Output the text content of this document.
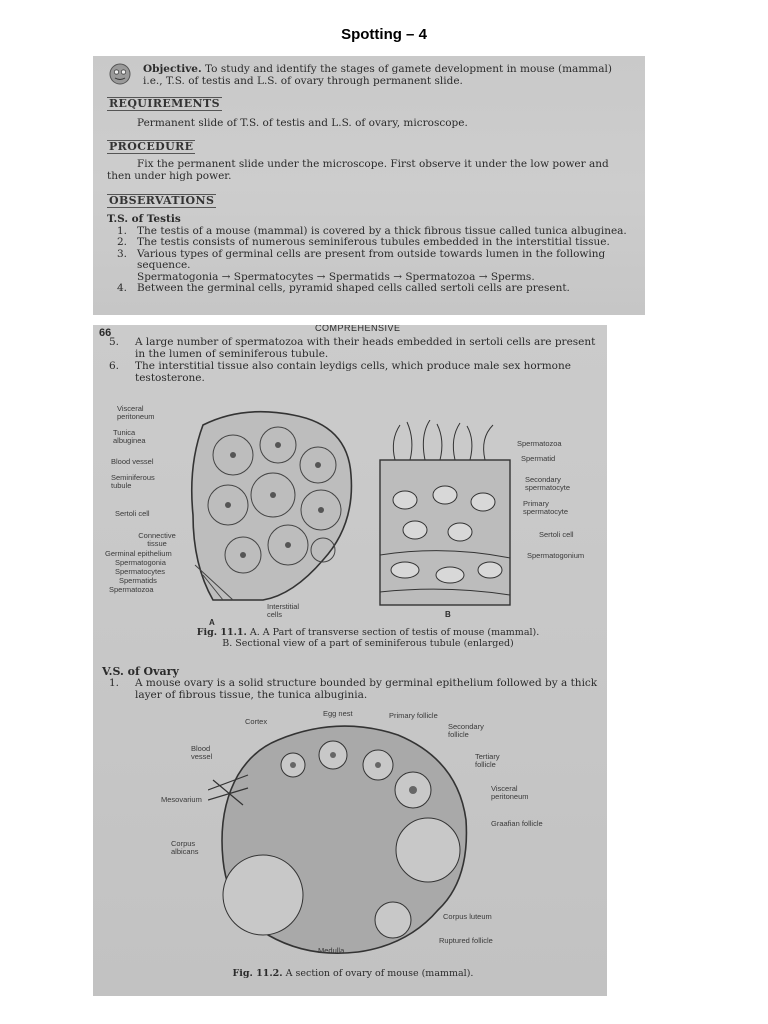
Spotting – 4
Objective. To study and identify the stages of gamete development in mouse (mammal) i.e., T.S. of testis and L.S. of ovary through permanent slide.
REQUIREMENTS
Permanent slide of T.S. of testis and L.S. of ovary, microscope.
PROCEDURE
Fix the permanent slide under the microscope. First observe it under the low power and
then under high power.
OBSERVATIONS
T.S. of Testis
1. The testis of a mouse (mammal) is covered by a thick fibrous tissue called tunica albuginea.
2. The testis consists of numerous seminiferous tubules embedded in the interstitial tissue.
3. Various types of germinal cells are present from outside towards lumen in the following sequence.
Spermatogonia → Spermatocytes → Spermatids → Spermatozoa → Sperms.
4. Between the germinal cells, pyramid shaped cells called sertoli cells are present.
66	COMPREHENSIVE
5.	A large number of spermatozoa with their heads embedded in sertoli cells are present in the lumen of seminiferous tubule.
6.	The interstitial tissue also contain leydigs cells, which produce male sex hormone testosterone.
Visceral peritoneum
Tunica albuginea
Blood vessel
Seminiferous tubule
Sertoli cell
Connective tissue
Germinal epithelium
Spermatogonia
Spermatocytes
Spermatids
Spermatozoa
Interstitial cells
Spermatozoa
Spermatid
Secondary spermatocyte
Primary spermatocyte
Sertoli cell
Spermatogonium
A
B
Fig. 11.1. A. A Part of transverse section of testis of mouse (mammal).
B. Sectional view of a part of seminiferous tubule (enlarged)
V.S. of Ovary
1.	A mouse ovary is a solid structure bounded by germinal epithelium followed by a thick layer of fibrous tissue, the tunica albuginia.
Cortex
Egg nest	Primary follicle
Secondary follicle
Blood vessel	Tertiary follicle
Visceral peritoneum
Mesovarium
Graafian follicle
Corpus albicans
Corpus luteum
Ruptured follicle
Medulla
Fig. 11.2. A section of ovary of mouse (mammal).
